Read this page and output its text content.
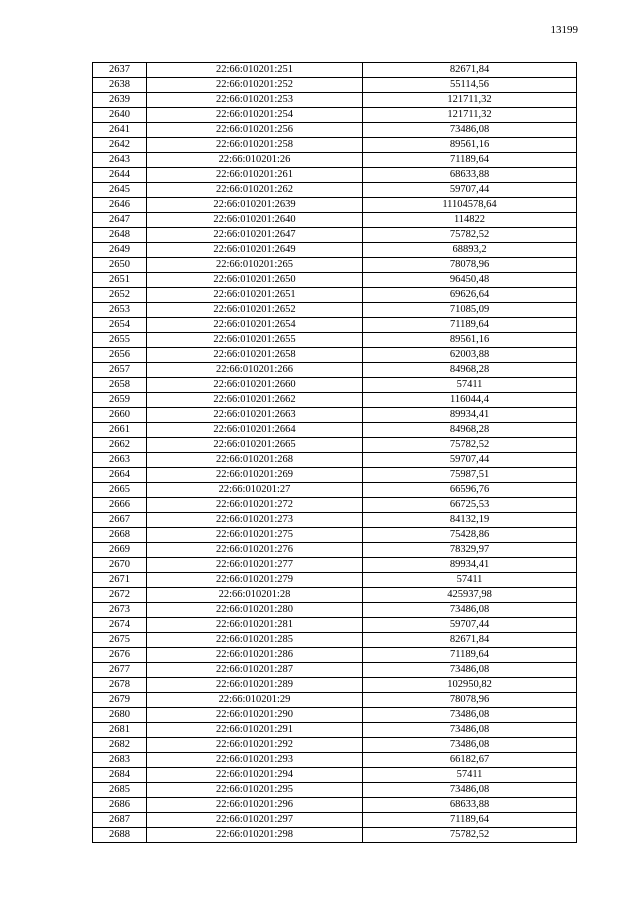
13199
2637	22:66:010201:251	82671,84
2638	22:66:010201:252	55114,56
2639	22:66:010201:253	121711,32
2640	22:66:010201:254	121711,32
2641	22:66:010201:256	73486,08
2642	22:66:010201:258	89561,16
2643	22:66:010201:26	71189,64
2644	22:66:010201:261	68633,88
2645	22:66:010201:262	59707,44
2646	22:66:010201:2639	11104578,64
2647	22:66:010201:2640	114822
2648	22:66:010201:2647	75782,52
2649	22:66:010201:2649	68893,2
2650	22:66:010201:265	78078,96
2651	22:66:010201:2650	96450,48
2652	22:66:010201:2651	69626,64
2653	22:66:010201:2652	71085,09
2654	22:66:010201:2654	71189,64
2655	22:66:010201:2655	89561,16
2656	22:66:010201:2658	62003,88
2657	22:66:010201:266	84968,28
2658	22:66:010201:2660	57411
2659	22:66:010201:2662	116044,4
2660	22:66:010201:2663	89934,41
2661	22:66:010201:2664	84968,28
2662	22:66:010201:2665	75782,52
2663	22:66:010201:268	59707,44
2664	22:66:010201:269	75987,51
2665	22:66:010201:27	66596,76
2666	22:66:010201:272	66725,53
2667	22:66:010201:273	84132,19
2668	22:66:010201:275	75428,86
2669	22:66:010201:276	78329,97
2670	22:66:010201:277	89934,41
2671	22:66:010201:279	57411
2672	22:66:010201:28	425937,98
2673	22:66:010201:280	73486,08
2674	22:66:010201:281	59707,44
2675	22:66:010201:285	82671,84
2676	22:66:010201:286	71189,64
2677	22:66:010201:287	73486,08
2678	22:66:010201:289	102950,82
2679	22:66:010201:29	78078,96
2680	22:66:010201:290	73486,08
2681	22:66:010201:291	73486,08
2682	22:66:010201:292	73486,08
2683	22:66:010201:293	66182,67
2684	22:66:010201:294	57411
2685	22:66:010201:295	73486,08
2686	22:66:010201:296	68633,88
2687	22:66:010201:297	71189,64
2688	22:66:010201:298	75782,52
